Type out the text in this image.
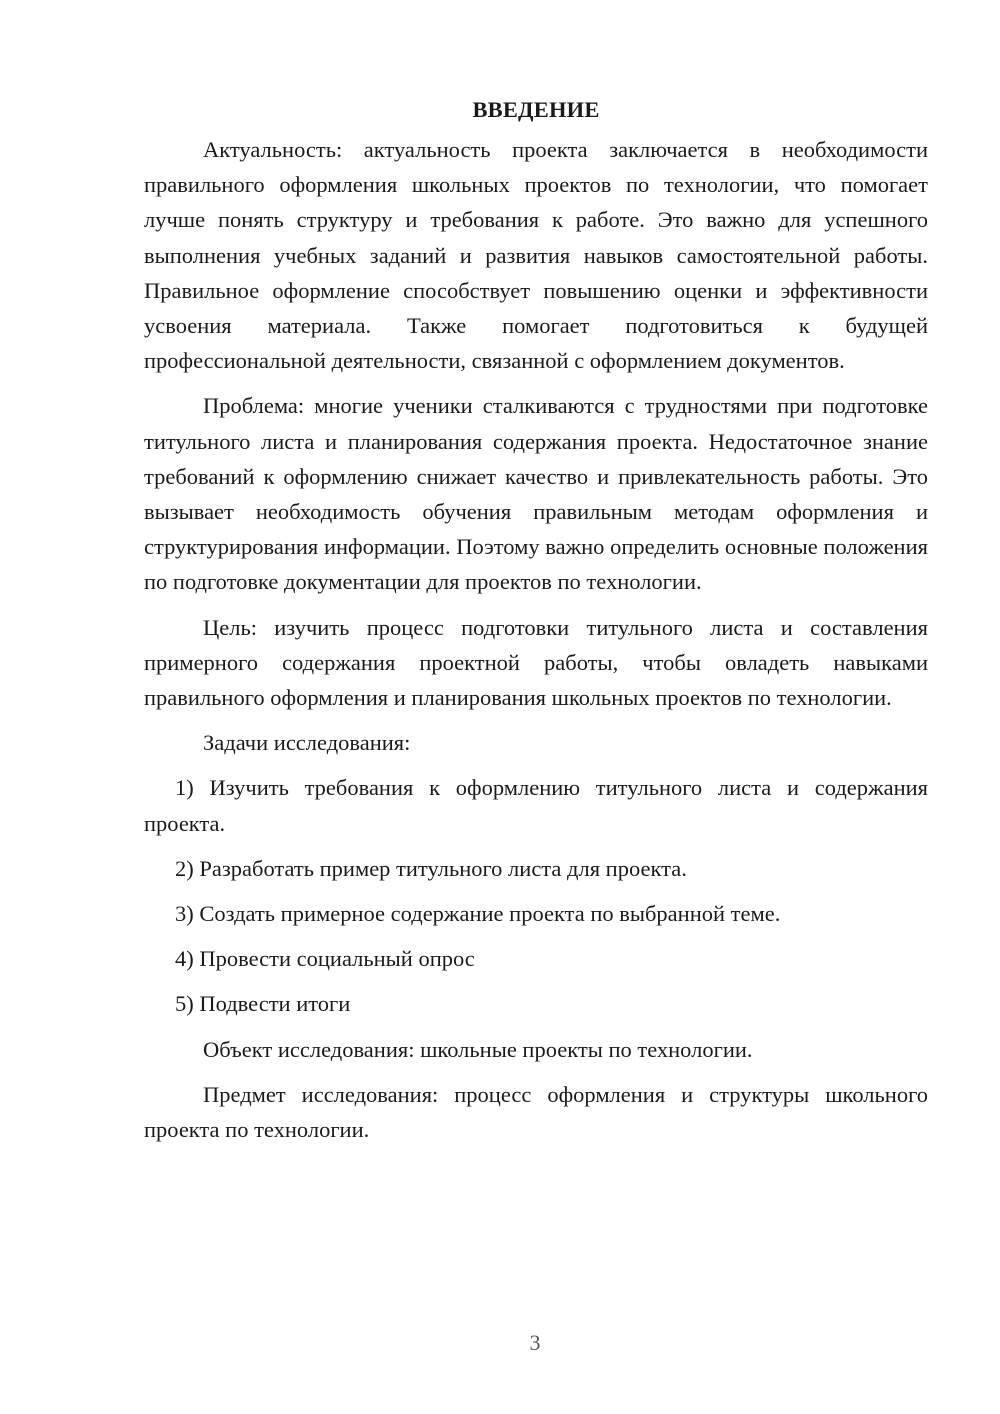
ВВЕДЕНИЕ

Актуальность: актуальность проекта заключается в необходимости правильного оформления школьных проектов по технологии, что помогает лучше понять структуру и требования к работе. Это важно для успешного выполнения учебных заданий и развития навыков самостоятельной работы. Правильное оформление способствует повышению оценки и эффективности усвоения материала. Также помогает подготовиться к будущей профессиональной деятельности, связанной с оформлением документов.

Проблема: многие ученики сталкиваются с трудностями при подготовке титульного листа и планирования содержания проекта. Недостаточное знание требований к оформлению снижает качество и привлекательность работы. Это вызывает необходимость обучения правильным методам оформления и структурирования информации. Поэтому важно определить основные положения по подготовке документации для проектов по технологии.

Цель: изучить процесс подготовки титульного листа и составления примерного содержания проектной работы, чтобы овладеть навыками правильного оформления и планирования школьных проектов по технологии.

Задачи исследования:

1) Изучить требования к оформлению титульного листа и содержания проекта.

2) Разработать пример титульного листа для проекта.

3) Создать примерное содержание проекта по выбранной теме.

4) Провести социальный опрос

5) Подвести итоги

Объект исследования: школьные проекты по технологии.

Предмет исследования: процесс оформления и структуры школьного проекта по технологии.

3
